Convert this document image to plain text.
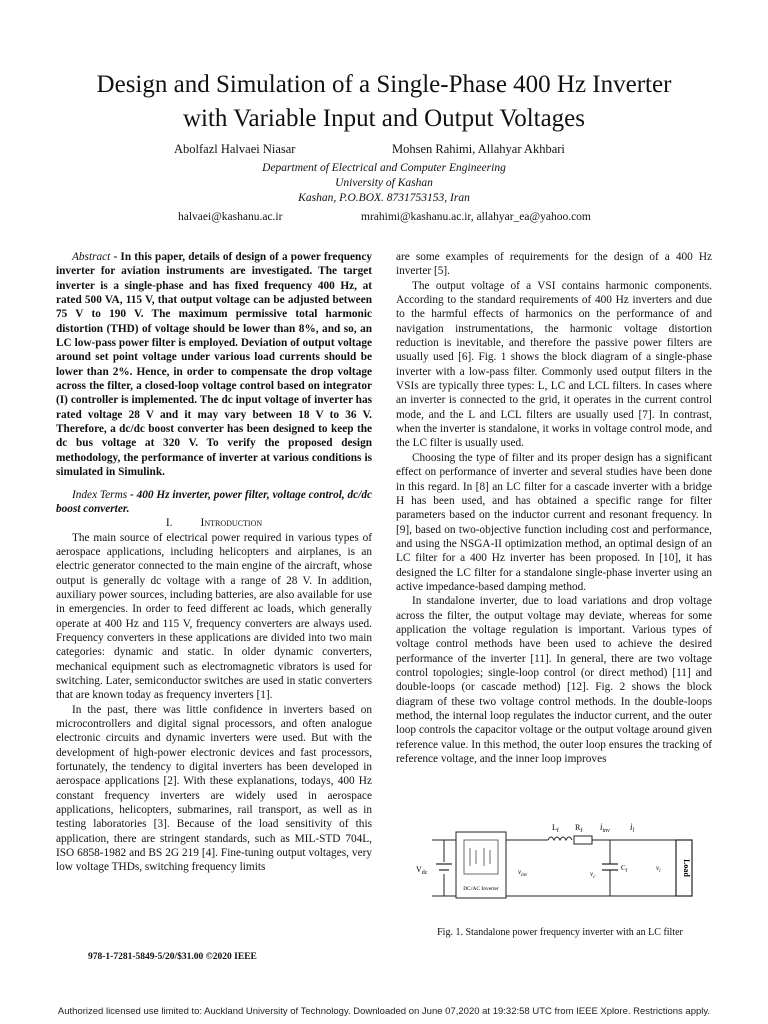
Design and Simulation of a Single-Phase 400 Hz Inverter
with Variable Input and Output Voltages
Abolfazl Halvaei Niasar	Mohsen Rahimi, Allahyar Akhbari
Department of Electrical and Computer Engineering
University of Kashan
Kashan, P.O.BOX. 8731753153, Iran
halvaei@kashanu.ac.ir	mrahimi@kashanu.ac.ir, allahyar_ea@yahoo.com

Abstract - In this paper, details of design of a power frequency inverter for aviation instruments are investigated. The target inverter is a single-phase and has fixed frequency 400 Hz, at rated 500 VA, 115 V, that output voltage can be adjusted between 75 V to 190 V. The maximum permissive total harmonic distortion (THD) of voltage should be lower than 8%, and so, an LC low-pass power filter is employed. Deviation of output voltage around set point voltage under various load currents should be lower than 2%. Hence, in order to compensate the drop voltage across the filter, a closed-loop voltage control based on integrator (I) controller is implemented. The dc input voltage of inverter has rated voltage 28 V and it may vary between 18 V to 36 V. Therefore, a dc/dc boost converter has been designed to keep the dc bus voltage at 320 V. To verify the proposed design methodology, the performance of inverter at various conditions is simulated in Simulink.

Index Terms - 400 Hz inverter, power filter, voltage control, dc/dc boost converter.

I. Introduction

The main source of electrical power required in various types of aerospace applications, including helicopters and airplanes, is an electric generator connected to the main engine of the aircraft, whose output is generally dc voltage with a range of 28 V. In addition, auxiliary power sources, including batteries, are also available for use in emergencies. In order to feed different ac loads, which generally operate at 400 Hz and 115 V, frequency converters are always used. Frequency converters in these applications are divided into two main categories: dynamic and static. In older dynamic converters, mechanical equipment such as electromagnetic vibrators is used for switching. Later, semiconductor switches are used in static converters that are known today as frequency inverters [1].

In the past, there was little confidence in inverters based on microcontrollers and digital signal processors, and often analogue electronic circuits and dynamic inverters were used. But with the development of high-power electronic devices and fast processors, fortunately, the tendency to digital inverters has been developed in aerospace applications [2]. With these explanations, todays, 400 Hz constant frequency inverters are widely used in aerospace applications, helicopters, submarines, rail transport, as well as in testing laboratories [3]. Because of the load sensitivity of this application, there are stringent standards, such as MIL-STD 704L, ISO 6858-1982 and BS 2G 219 [4]. Fine-tuning output voltages, very low voltage THDs, switching frequency limits

are some examples of requirements for the design of a 400 Hz inverter [5].

The output voltage of a VSI contains harmonic components. According to the standard requirements of 400 Hz inverters and due to the harmful effects of harmonics on the performance of and navigation instrumentations, the harmonic voltage distortion reduction is inevitable, and therefore the passive power filters are usually used [6]. Fig. 1 shows the block diagram of a single-phase inverter with a low-pass filter. Commonly used output filters in the VSIs are typically three types: L, LC and LCL filters. In cases where an inverter is connected to the grid, it operates in the current control mode, and the L and LCL filters are usually used [7]. In contrast, when the inverter is standalone, it works in voltage control mode, and the LC filter is usually used.

Choosing the type of filter and its proper design has a significant effect on performance of inverter and several studies have been done in this regard. In [8] an LC filter for a cascade inverter with a bridge H has been used, and has obtained a specific range for filter parameters based on the inductor current and resonant frequency. In [9], based on two-objective function including cost and performance, and using the NSGA-II optimization method, an optimal design of an LC filter for a 400 Hz inverter has been proposed. In [10], it has designed the LC filter for a standalone single-phase inverter using an active impedance-based damping method.

In standalone inverter, due to load variations and drop voltage across the filter, the output voltage may deviate, whereas for some application the voltage regulation is important. Various types of voltage control methods have been used to achieve the desired performance of the inverter [11]. In general, there are two voltage control topologies; single-loop control (or direct method) [11] and double-loops (or cascade method) [12]. Fig. 2 shows the block diagram of these two voltage control methods. In the double-loops method, the internal loop regulates the inductor current, and the outer loop controls the capacitor voltage or the output voltage around given reference value. In this method, the outer loop ensures the tracking of reference voltage, and the inner loop improves

$V_{dc}$
DC/AC Inverter
$L_f$ $R_f$ $i_{inv}$ $i_l$
$v_{inv}$
$C_f$
$v_c$
Load
$v_l$
Fig. 1. Standalone power frequency inverter with an LC filter
978-1-7281-5849-5/20/$31.00 ©2020 IEEE
Authorized licensed use limited to: Auckland University of Technology. Downloaded on June 07,2020 at 19:32:58 UTC from IEEE Xplore. Restrictions apply.
